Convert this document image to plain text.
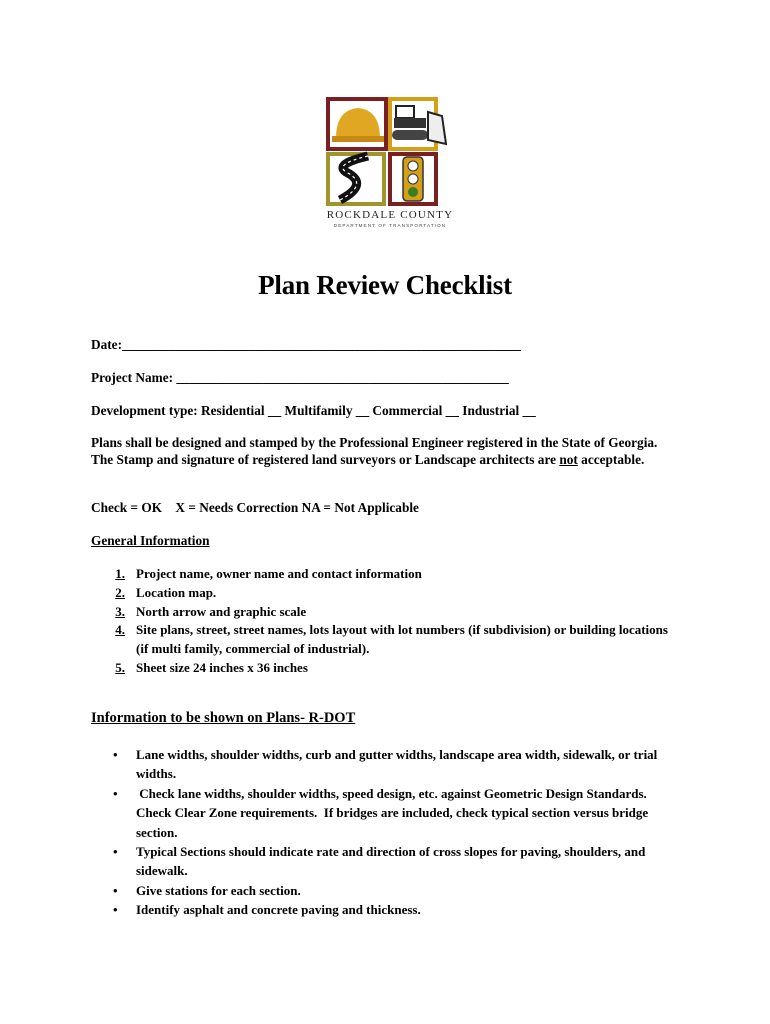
ROCKDALE COUNTY
DEPARTMENT OF TRANSPORTATION
Plan Review Checklist
Date:____________________________________________________________
Project Name: __________________________________________________
Development type: Residential __ Multifamily __ Commercial __ Industrial __
Plans shall be designed and stamped by the Professional Engineer registered in the State of Georgia. The Stamp and signature of registered land surveyors or Landscape architects are not acceptable.
Check = OK    X = Needs Correction NA = Not Applicable
General Information
1. Project name, owner name and contact information
2. Location map.
3. North arrow and graphic scale
4. Site plans, street, street names, lots layout with lot numbers (if subdivision) or building locations (if multi family, commercial of industrial).
5. Sheet size 24 inches x 36 inches
Information to be shown on Plans- R-DOT
•	Lane widths, shoulder widths, curb and gutter widths, landscape area width, sidewalk, or trial widths.
•	Check lane widths, shoulder widths, speed design, etc. against Geometric Design Standards.  Check Clear Zone requirements.  If bridges are included, check typical section versus bridge section.
•	Typical Sections should indicate rate and direction of cross slopes for paving, shoulders, and sidewalk.
•	Give stations for each section.
•	Identify asphalt and concrete paving and thickness.
